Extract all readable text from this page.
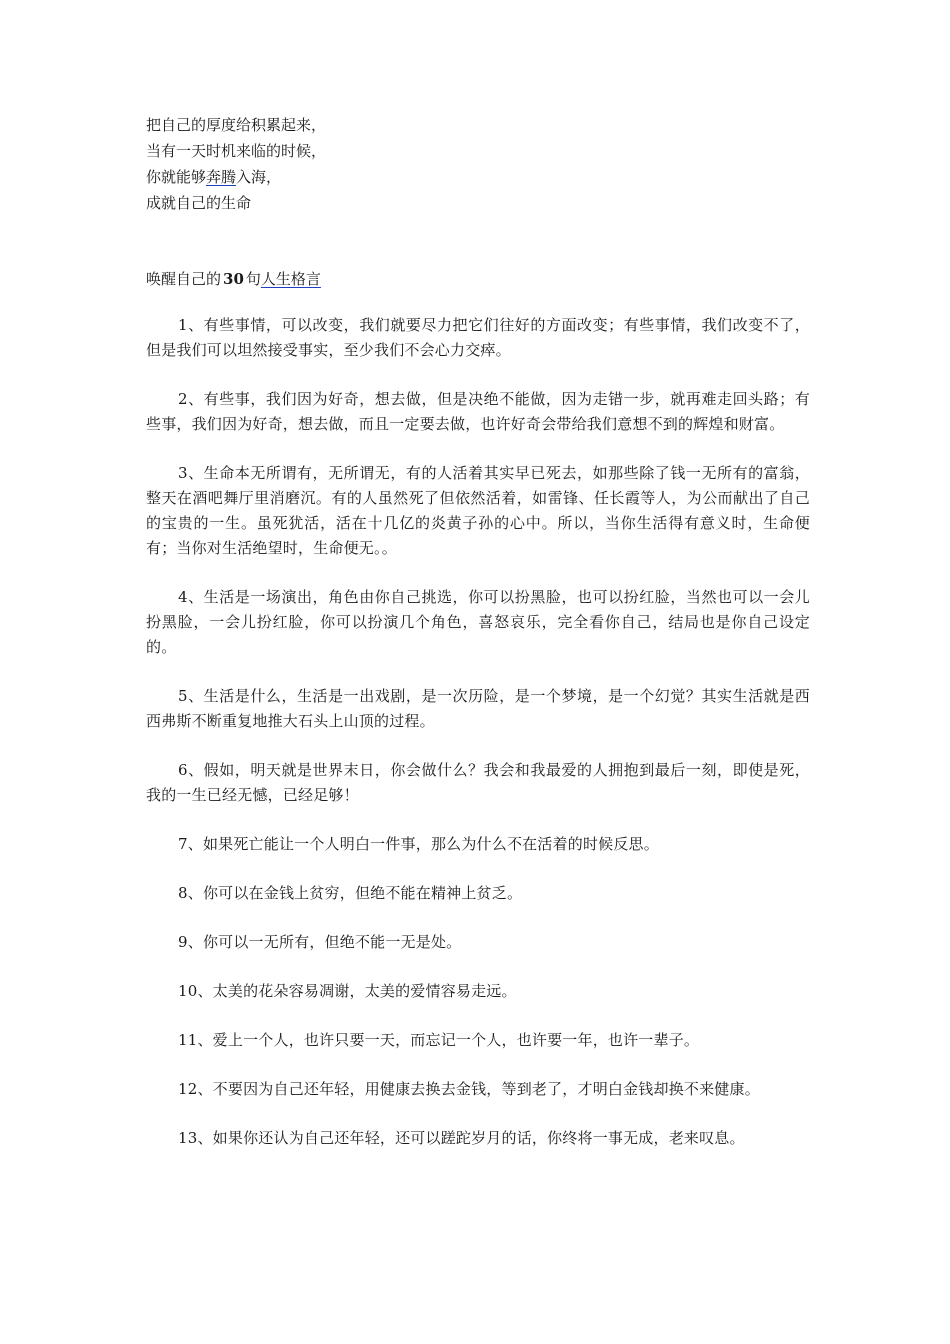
把自己的厚度给积累起来，
当有一天时机来临的时候，
你就能够奔腾入海，
成就自己的生命
唤醒自己的 30 句人生格言

1、有些事情，可以改变，我们就要尽力把它们往好的方面改变；有些事情，我们改变不了，但是我们可以坦然接受事实，至少我们不会心力交瘁。

2、有些事，我们因为好奇，想去做，但是决绝不能做，因为走错一步，就再难走回头路；有些事，我们因为好奇，想去做，而且一定要去做，也许好奇会带给我们意想不到的辉煌和财富。

3、生命本无所谓有，无所谓无，有的人活着其实早已死去，如那些除了钱一无所有的富翁，整天在酒吧舞厅里消磨沉。有的人虽然死了但依然活着，如雷锋、任长霞等人，为公而献出了自己的宝贵的一生。虽死犹活，活在十几亿的炎黄子孙的心中。所以，当你生活得有意义时，生命便有；当你对生活绝望时，生命便无。。

4、生活是一场演出，角色由你自己挑选，你可以扮黑脸，也可以扮红脸，当然也可以一会儿扮黑脸，一会儿扮红脸，你可以扮演几个角色，喜怒哀乐，完全看你自己，结局也是你自己设定的。

5、生活是什么，生活是一出戏剧，是一次历险，是一个梦境，是一个幻觉？其实生活就是西西弗斯不断重复地推大石头上山顶的过程。

6、假如，明天就是世界末日，你会做什么？我会和我最爱的人拥抱到最后一刻，即使是死，我的一生已经无憾，已经足够！

7、如果死亡能让一个人明白一件事，那么为什么不在活着的时候反思。

8、你可以在金钱上贫穷，但绝不能在精神上贫乏。

9、你可以一无所有，但绝不能一无是处。

10、太美的花朵容易凋谢，太美的爱情容易走远。

11、爱上一个人，也许只要一天，而忘记一个人，也许要一年，也许一辈子。

12、不要因为自己还年轻，用健康去换去金钱，等到老了，才明白金钱却换不来健康。

13、如果你还认为自己还年轻，还可以蹉跎岁月的话，你终将一事无成，老来叹息。
